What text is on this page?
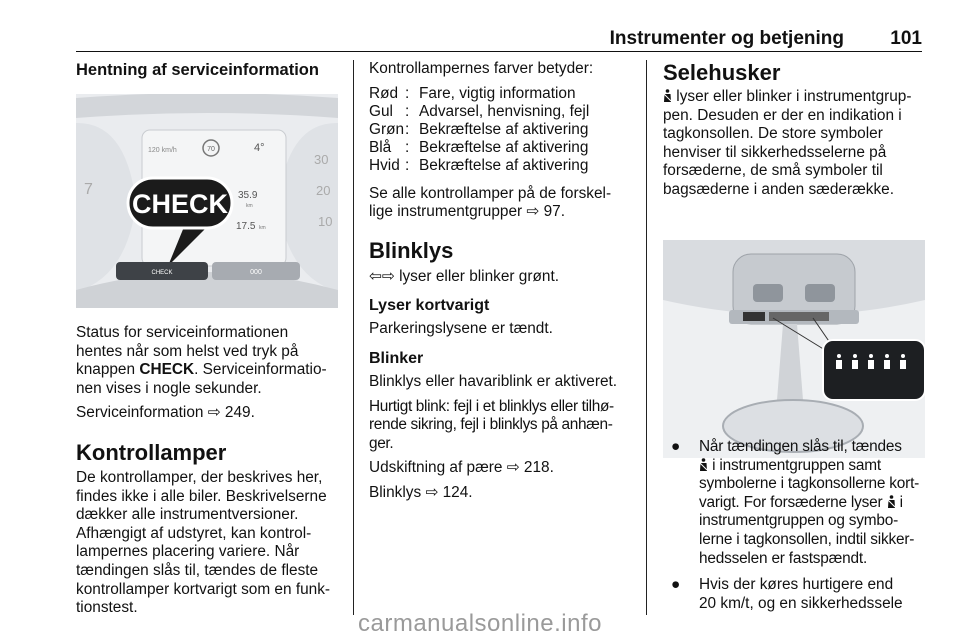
Instrumenter og betjening 101
Hentning af serviceinformation
120 km/h	70	4°
35.9
km
17.5 km
7
30
20
10
CHECK
CHECK	000

Status for serviceinformationen
hentes når som helst ved tryk på
knappen CHECK. Serviceinformatio-
nen vises i nogle sekunder.

Serviceinformation ⇨ 249.

Kontrollamper

De kontrollamper, der beskrives her,
findes ikke i alle biler. Beskrivelserne
dækker alle instrumentversioner.
Afhængigt af udstyret, kan kontrol-
lampernes placering variere. Når
tændingen slås til, tændes de fleste
kontrollamper kortvarigt som en funk-
tionstest.

Kontrollampernes farver betyder:

Rød	:	Fare, vigtig information
Gul	:	Advarsel, henvisning, fejl
Grøn	:	Bekræftelse af aktivering
Blå	:	Bekræftelse af aktivering
Hvid	:	Bekræftelse af aktivering

Se alle kontrollamper på de forskel-
lige instrumentgrupper ⇨ 97.

Blinklys

⇦⇨ lyser eller blinker grønt.

Lyser kortvarigt

Parkeringslysene er tændt.

Blinker

Blinklys eller havariblink er aktiveret.

Hurtigt blink: fejl i et blinklys eller tilhø-
rende sikring, fejl i blinklys på anhæn-
ger.

Udskiftning af pære ⇨ 218.

Blinklys ⇨ 124.

Selehusker

lyser eller blinker i instrumentgrup-
pen. Desuden er der en indikation i
tagkonsollen. De store symboler
henviser til sikkerhedsselerne på
forsæderne, de små symboler til
bagsæderne i anden sæderække.

●	Når tændingen slås til, tændes
i instrumentgruppen samt
symbolerne i tagkonsollerne kort-
varigt. For forsæderne lyser  i
instrumentgruppen og symbo-
lerne i tagkonsollen, indtil sikker-
hedsselen er fastspændt.

●	Hvis der køres hurtigere end
20 km/t, og en sikkerhedssele

carmanualsonline.info
